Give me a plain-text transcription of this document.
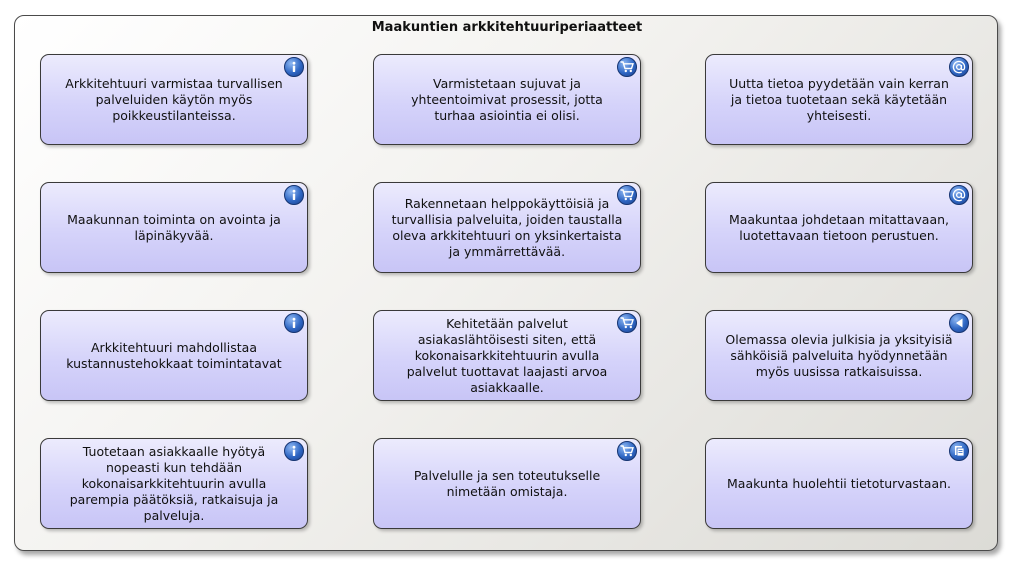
Maakuntien arkkitehtuuriperiaatteet
Arkkitehtuuri varmistaa turvallisen palveluiden käytön myös poikkeustilanteissa.
Varmistetaan sujuvat ja yhteentoimivat prosessit, jotta turhaa asiointia ei olisi.
Uutta tietoa pyydetään vain kerran ja tietoa tuotetaan sekä käytetään yhteisesti.
Maakunnan toiminta on avointa ja läpinäkyvää.
Rakennetaan helppokäyttöisiä ja turvallisia palveluita, joiden taustalla oleva arkkitehtuuri on yksinkertaista ja ymmärrettävää.
Maakuntaa johdetaan mitattavaan, luotettavaan tietoon perustuen.
Arkkitehtuuri mahdollistaa kustannustehokkaat toimintatavat
Kehitetään palvelut asiakaslähtöisesti siten, että kokonaisarkkitehtuurin avulla palvelut tuottavat laajasti arvoa asiakkaalle.
Olemassa olevia julkisia ja yksityisiä sähköisiä palveluita hyödynnetään myös uusissa ratkaisuissa.
Tuotetaan asiakkaalle hyötyä nopeasti kun tehdään kokonaisarkkitehtuurin avulla parempia päätöksiä, ratkaisuja ja palveluja.
Palvelulle ja sen toteutukselle nimetään omistaja.
Maakunta huolehtii tietoturvastaan.
